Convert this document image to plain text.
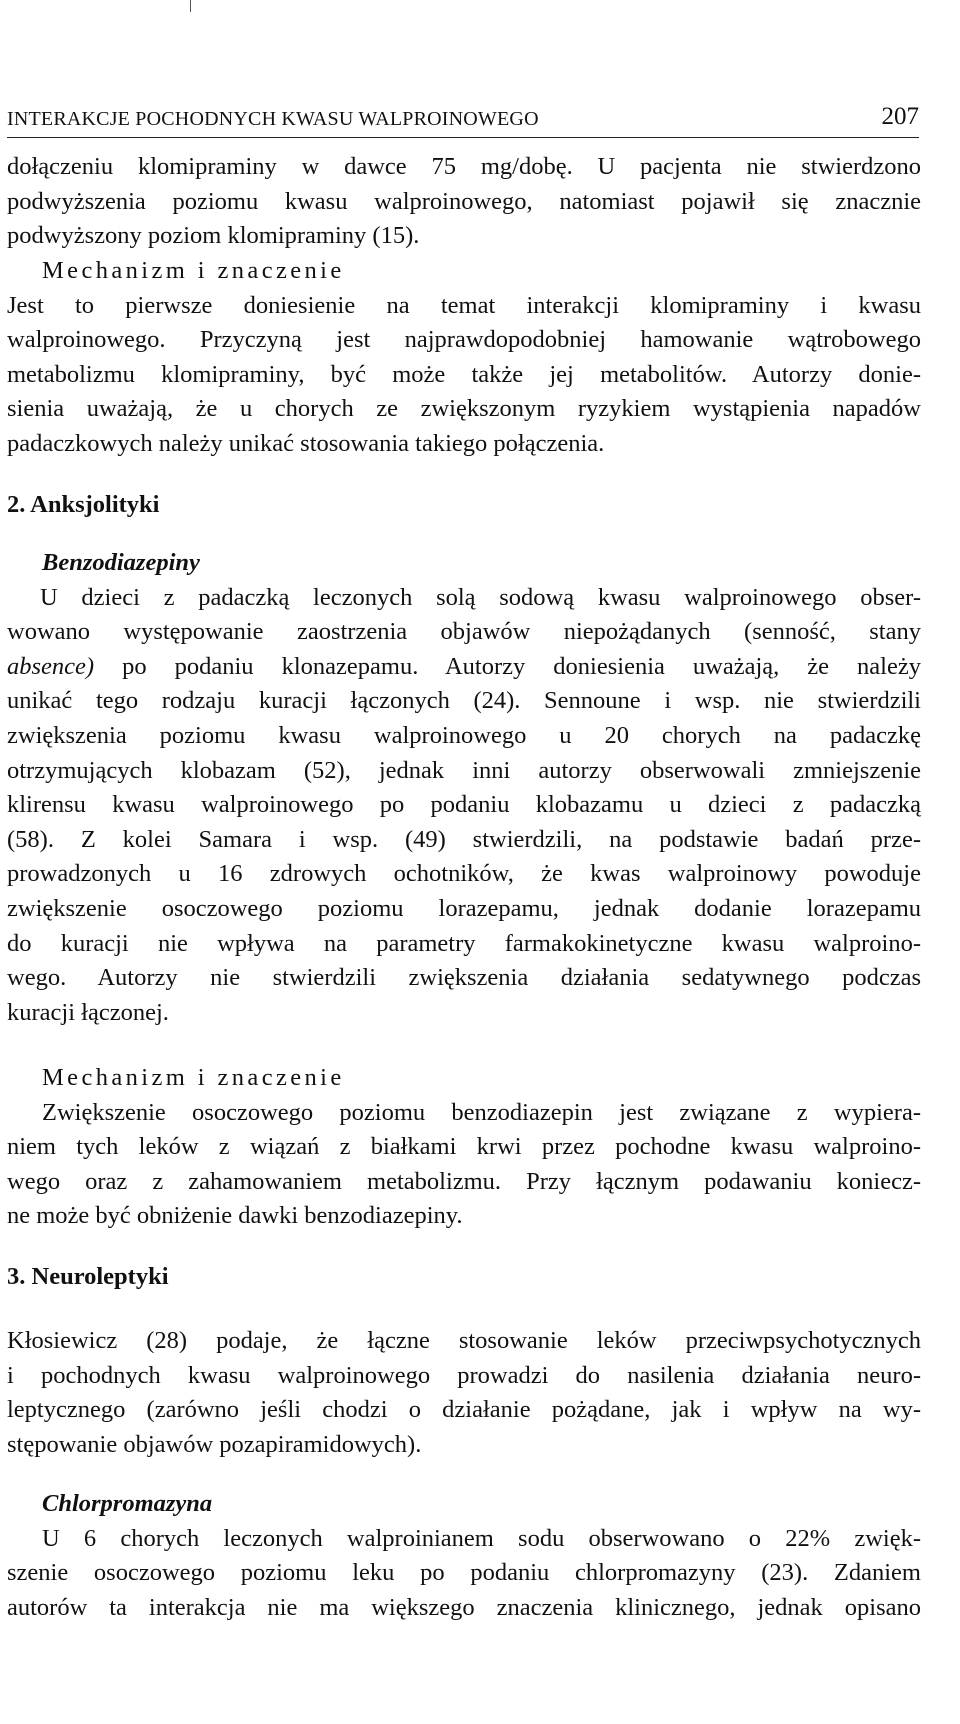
INTERAKCJE POCHODNYCH KWASU WALPROINOWEGO	207
dołączeniu klomipraminy w dawce 75 mg/dobę. U pacjenta nie stwierdzono
podwyższenia poziomu kwasu walproinowego, natomiast pojawił się znacznie
podwyższony poziom klomipraminy (15).
Mechanizm i znaczenie
Jest to pierwsze doniesienie na temat interakcji klomipraminy i kwasu
walproinowego. Przyczyną jest najprawdopodobniej hamowanie wątrobowego
metabolizmu klomipraminy, być może także jej metabolitów. Autorzy donie-
sienia uważają, że u chorych ze zwiększonym ryzykiem wystąpienia napadów
padaczkowych należy unikać stosowania takiego połączenia.
2. Anksjolityki
Benzodiazepiny
U dzieci z padaczką leczonych solą sodową kwasu walproinowego obser-
wowano występowanie zaostrzenia objawów niepożądanych (senność, stany
absence) po podaniu klonazepamu. Autorzy doniesienia uważają, że należy
unikać tego rodzaju kuracji łączonych (24). Sennoune i wsp. nie stwierdzili
zwiększenia poziomu kwasu walproinowego u 20 chorych na padaczkę
otrzymujących klobazam (52), jednak inni autorzy obserwowali zmniejszenie
klirensu kwasu walproinowego po podaniu klobazamu u dzieci z padaczką
(58). Z kolei Samara i wsp. (49) stwierdzili, na podstawie badań prze-
prowadzonych u 16 zdrowych ochotników, że kwas walproinowy powoduje
zwiększenie osoczowego poziomu lorazepamu, jednak dodanie lorazepamu
do kuracji nie wpływa na parametry farmakokinetyczne kwasu walproino-
wego. Autorzy nie stwierdzili zwiększenia działania sedatywnego podczas
kuracji łączonej.
Mechanizm i znaczenie
Zwiększenie osoczowego poziomu benzodiazepin jest związane z wypiera-
niem tych leków z wiązań z białkami krwi przez pochodne kwasu walproino-
wego oraz z zahamowaniem metabolizmu. Przy łącznym podawaniu koniecz-
ne może być obniżenie dawki benzodiazepiny.
3. Neuroleptyki
Kłosiewicz (28) podaje, że łączne stosowanie leków przeciwpsychotycznych
i pochodnych kwasu walproinowego prowadzi do nasilenia działania neuro-
leptycznego (zarówno jeśli chodzi o działanie pożądane, jak i wpływ na wy-
stępowanie objawów pozapiramidowych).
Chlorpromazyna
U 6 chorych leczonych walproinianem sodu obserwowano o 22% zwięk-
szenie osoczowego poziomu leku po podaniu chlorpromazyny (23). Zdaniem
autorów ta interakcja nie ma większego znaczenia klinicznego, jednak opisano
